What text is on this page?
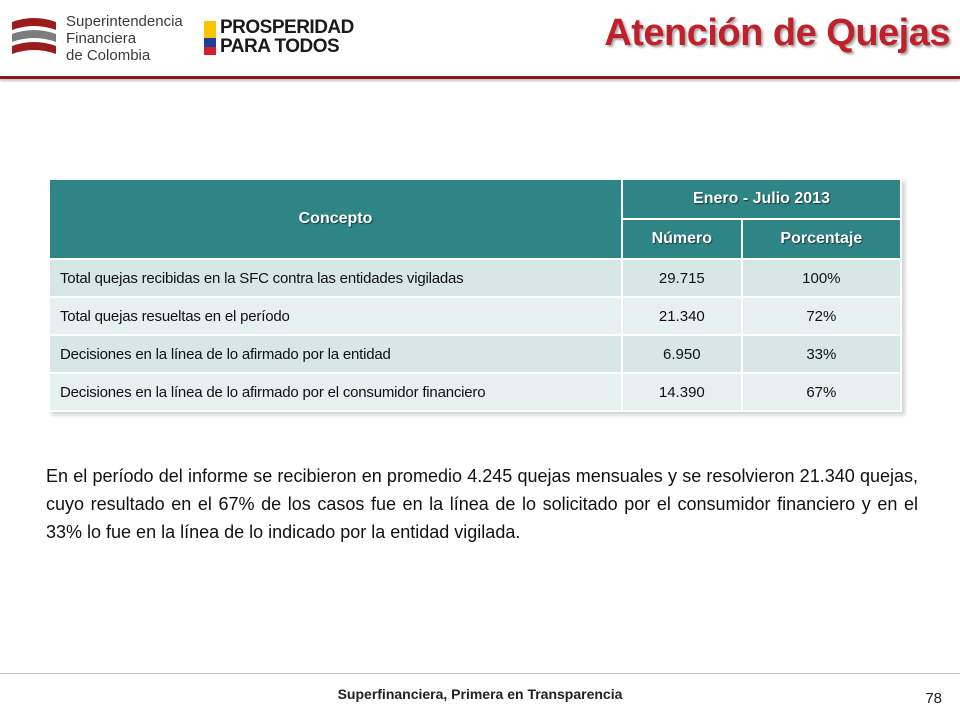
Superintendencia
Financiera
de Colombia
PROSPERIDAD
PARA TODOS	Atención de Quejas
Concepto	Enero - Julio 2013	
	Número	Porcentaje
Total quejas recibidas en la SFC contra las entidades vigiladas	29.715	100%
Total quejas resueltas en el período	21.340	72%
Decisiones en la línea de lo afirmado por la entidad	6.950	33%
Decisiones en la línea de lo afirmado por el consumidor financiero	14.390	67%

En el período del informe se recibieron en promedio 4.245 quejas mensuales y se resolvieron 21.340 quejas, cuyo resultado en el 67% de los casos fue en la línea de lo solicitado por el consumidor financiero y en el 33% lo fue en la línea de lo indicado por la entidad vigilada.

Superfinanciera, Primera en Transparencia	78
